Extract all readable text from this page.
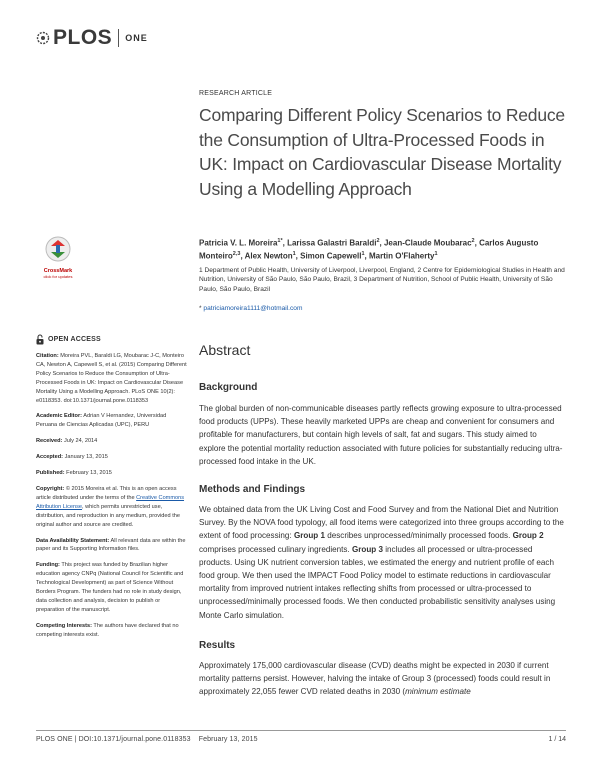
PLOS ONE
CrossMark
click for updates
OPEN ACCESS
Citation: Moreira PVL, Baraldi LG, Moubarac J-C, Monteiro CA, Newton A, Capewell S, et al. (2015) Comparing Different Policy Scenarios to Reduce the Consumption of Ultra-Processed Foods in UK: Impact on Cardiovascular Disease Mortality Using a Modelling Approach. PLoS ONE 10(2): e0118353. doi:10.1371/journal.pone.0118353
Academic Editor: Adrian V Hernandez, Universidad Peruana de Ciencias Aplicadas (UPC), PERU
Received: July 24, 2014
Accepted: January 13, 2015
Published: February 13, 2015
Copyright: © 2015 Moreira et al. This is an open access article distributed under the terms of the Creative Commons Attribution License, which permits unrestricted use, distribution, and reproduction in any medium, provided the original author and source are credited.
Data Availability Statement: All relevant data are within the paper and its Supporting Information files.
Funding: This project was funded by Brazilian higher education agency CNPq (National Council for Scientific and Technological Development) as part of Science Without Borders Program. The funders had no role in study design, data collection and analysis, decision to publish or preparation of the manuscript.
Competing Interests: The authors have declared that no competing interests exist.
RESEARCH ARTICLE
Comparing Different Policy Scenarios to Reduce the Consumption of Ultra-Processed Foods in UK: Impact on Cardiovascular Disease Mortality Using a Modelling Approach
Patricia V. L. Moreira$^{1*}$, Larissa Galastri Baraldi$^2$, Jean-Claude Moubarac$^2$, Carlos Augusto Monteiro$^{2,3}$, Alex Newton$^1$, Simon Capewell$^1$, Martin O'Flaherty$^1$
1 Department of Public Health, University of Liverpool, Liverpool, England, 2 Centre for Epidemiological Studies in Health and Nutrition, University of São Paulo, São Paulo, Brazil, 3 Department of Nutrition, School of Public Health, University of São Paulo, São Paulo, Brazil
* patriciamoreira1111@hotmail.com
Abstract
Background

The global burden of non-communicable diseases partly reflects growing exposure to ultra-processed food products (UPPs). These heavily marketed UPPs are cheap and convenient for consumers and profitable for manufacturers, but contain high levels of salt, fat and sugars. This study aimed to explore the potential mortality reduction associated with future policies for substantially reducing ultra-processed food intake in the UK.

Methods and Findings

We obtained data from the UK Living Cost and Food Survey and from the National Diet and Nutrition Survey. By the NOVA food typology, all food items were categorized into three groups according to the extent of food processing: Group 1 describes unprocessed/minimally processed foods. Group 2 comprises processed culinary ingredients. Group 3 includes all processed or ultra-processed products. Using UK nutrient conversion tables, we estimated the energy and nutrient profile of each food group. We then used the IMPACT Food Policy model to estimate reductions in cardiovascular mortality from improved nutrient intakes reflecting shifts from processed or ultra-processed to unprocessed/minimally processed foods. We then conducted probabilistic sensitivity analyses using Monte Carlo simulation.

Results

Approximately 175,000 cardiovascular disease (CVD) deaths might be expected in 2030 if current mortality patterns persist. However, halving the intake of Group 3 (processed) foods could result in approximately 22,055 fewer CVD related deaths in 2030 (minimum estimate

PLOS ONE | DOI:10.1371/journal.pone.0118353 February 13, 2015	1 / 14
